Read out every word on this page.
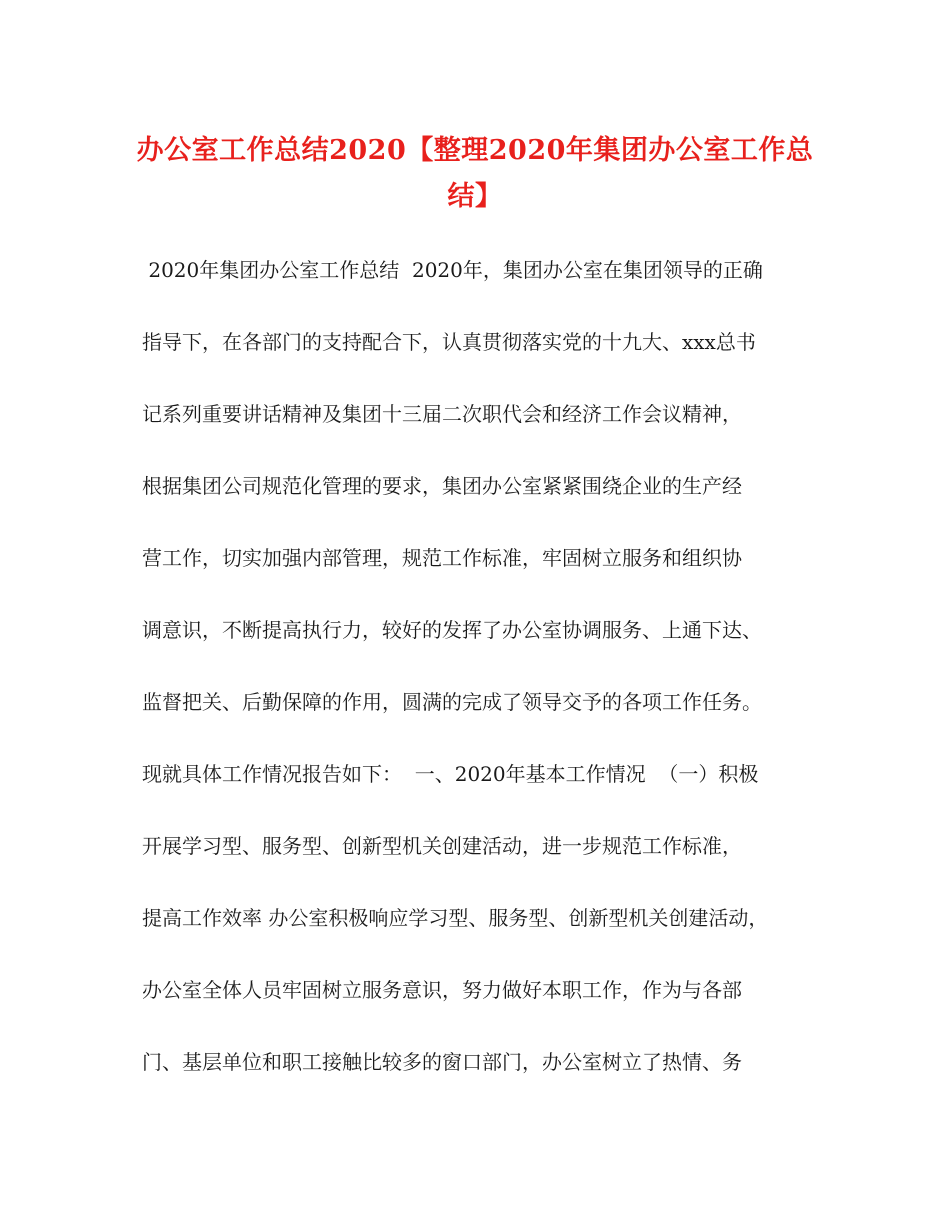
办公室工作总结2020【整理2020年集团办公室工作总
结】
2020年集团办公室工作总结  2020年，集团办公室在集团领导的正确
指导下，在各部门的支持配合下，认真贯彻落实党的十九大、xxx总书
记系列重要讲话精神及集团十三届二次职代会和经济工作会议精神，
根据集团公司规范化管理的要求，集团办公室紧紧围绕企业的生产经
营工作，切实加强内部管理，规范工作标准，牢固树立服务和组织协
调意识，不断提高执行力，较好的发挥了办公室协调服务、上通下达、
监督把关、后勤保障的作用，圆满的完成了领导交予的各项工作任务。
现就具体工作情况报告如下：  一、2020年基本工作情况  （一）积极
开展学习型、服务型、创新型机关创建活动，进一步规范工作标准，
提高工作效率 办公室积极响应学习型、服务型、创新型机关创建活动，
办公室全体人员牢固树立服务意识，努力做好本职工作，作为与各部
门、基层单位和职工接触比较多的窗口部门，办公室树立了热情、务
